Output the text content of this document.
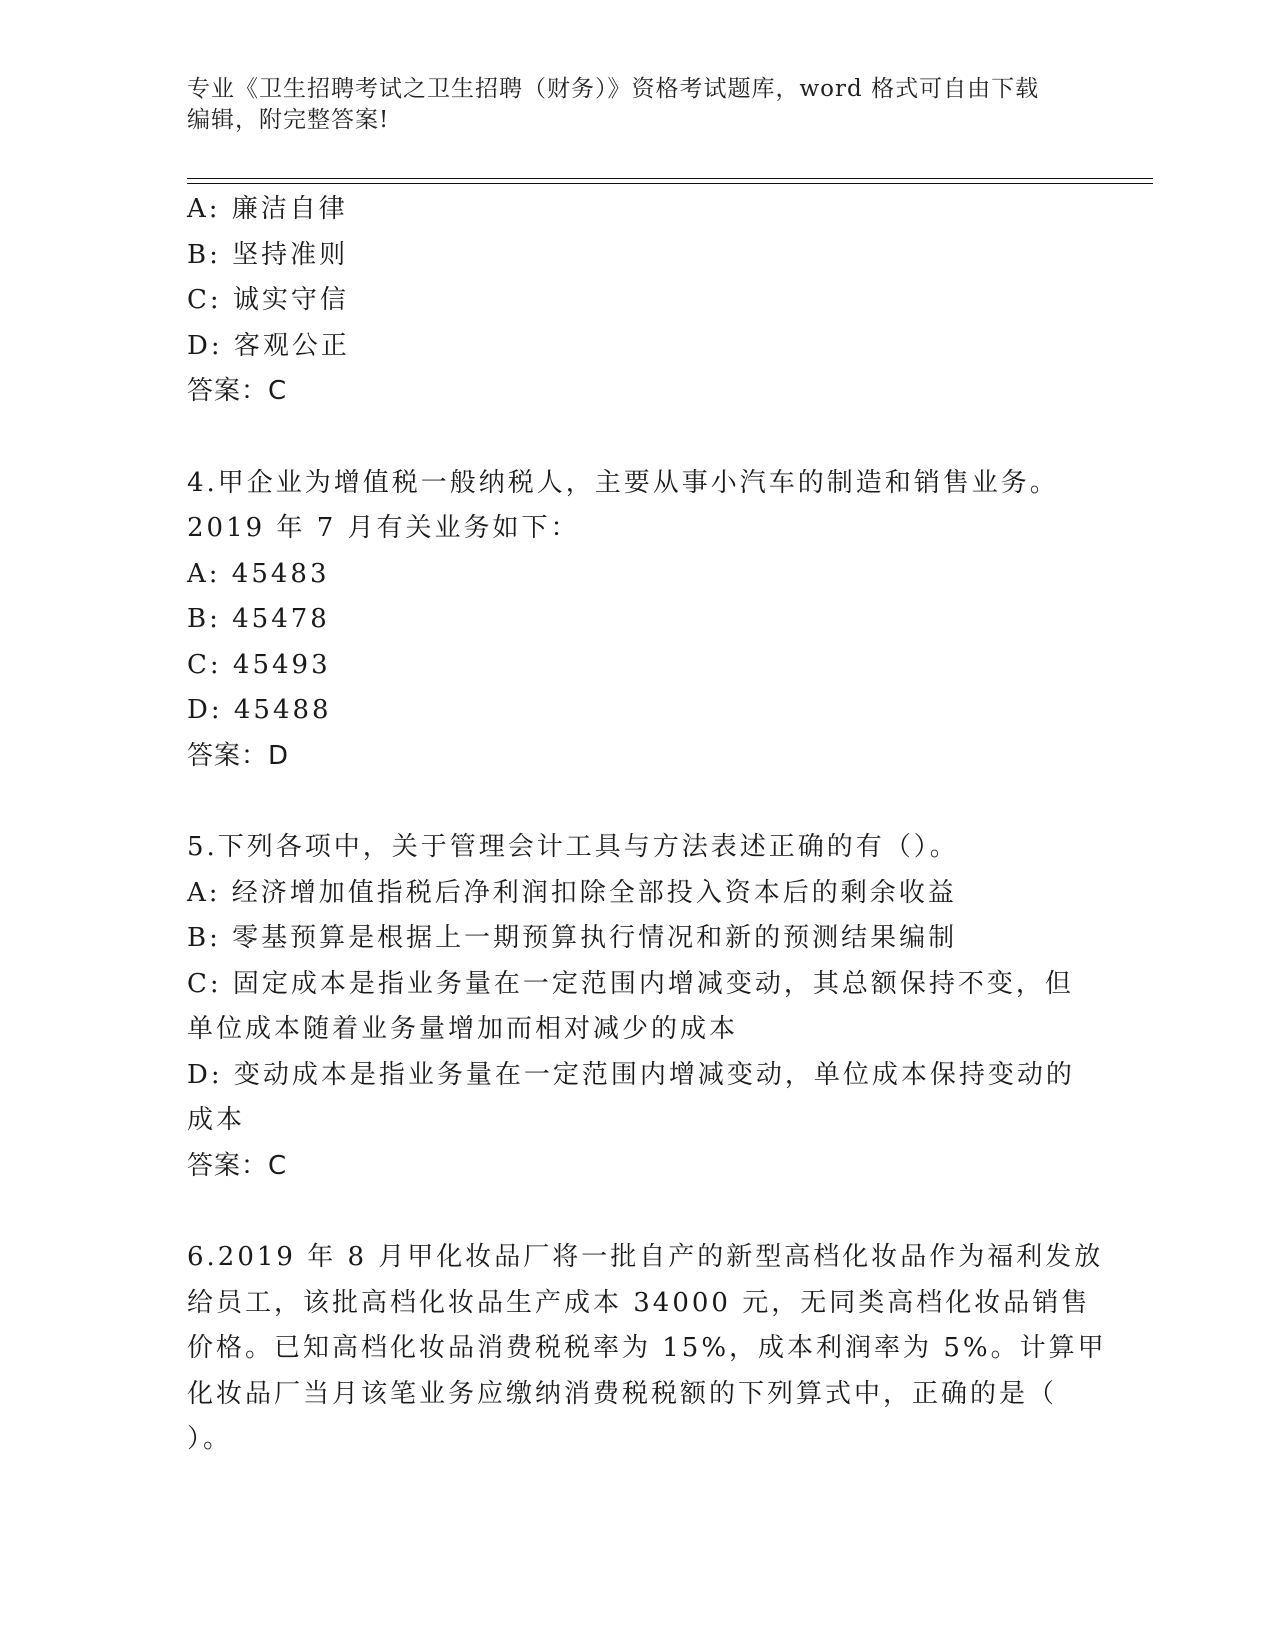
专业《卫生招聘考试之卫生招聘（财务）》资格考试题库，word 格式可自由下载
编辑，附完整答案!
A: 廉洁自律
B: 坚持准则
C: 诚实守信
D: 客观公正
答案：C
4.甲企业为增值税一般纳税人，主要从事小汽车的制造和销售业务。
2019 年 7 月有关业务如下：
A: 45483
B: 45478
C: 45493
D: 45488
答案：D
5.下列各项中，关于管理会计工具与方法表述正确的有（）。
A: 经济增加值指税后净利润扣除全部投入资本后的剩余收益
B: 零基预算是根据上一期预算执行情况和新的预测结果编制
C: 固定成本是指业务量在一定范围内增减变动，其总额保持不变，但
单位成本随着业务量增加而相对减少的成本
D: 变动成本是指业务量在一定范围内增减变动，单位成本保持变动的
成本
答案：C
6.2019 年 8 月甲化妆品厂将一批自产的新型高档化妆品作为福利发放
给员工，该批高档化妆品生产成本 34000 元，无同类高档化妆品销售
价格。已知高档化妆品消费税税率为 15%，成本利润率为 5%。计算甲
化妆品厂当月该笔业务应缴纳消费税税额的下列算式中，正确的是（
）。
